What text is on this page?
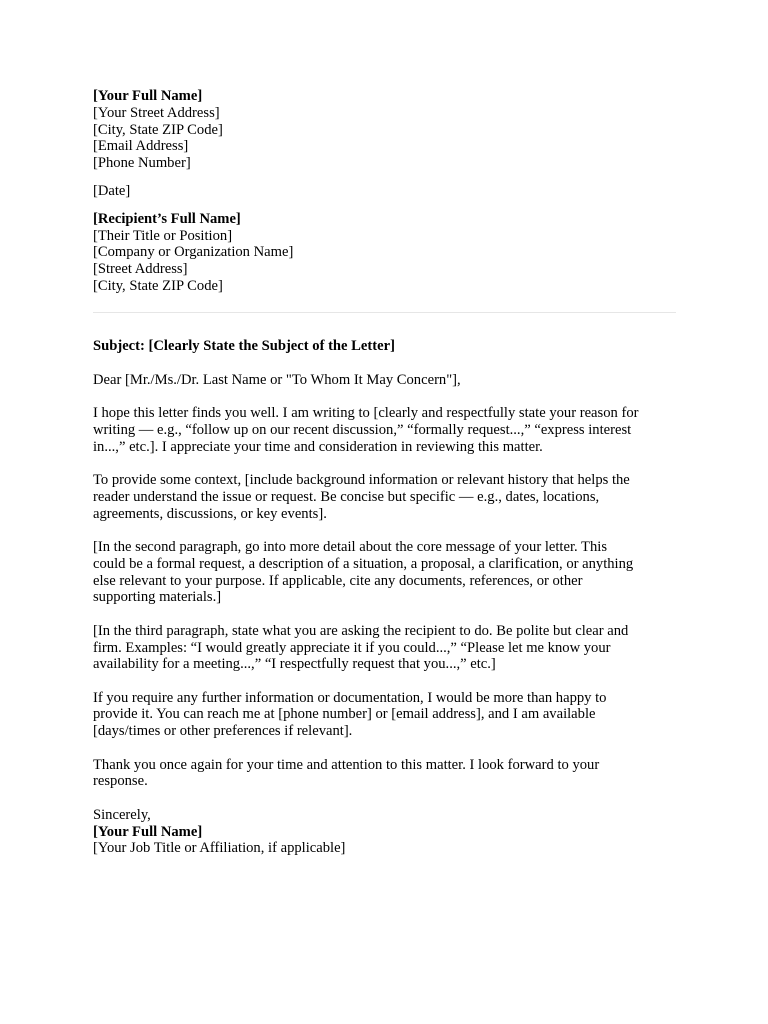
[Your Full Name]
[Your Street Address]
[City, State ZIP Code]
[Email Address]
[Phone Number]
[Date]
[Recipient’s Full Name]
[Their Title or Position]
[Company or Organization Name]
[Street Address]
[City, State ZIP Code]

Subject: [Clearly State the Subject of the Letter]

Dear [Mr./Ms./Dr. Last Name or "To Whom It May Concern"],

I hope this letter finds you well. I am writing to [clearly and respectfully state your reason for
writing — e.g., “follow up on our recent discussion,” “formally request...,” “express interest
in...,” etc.]. I appreciate your time and consideration in reviewing this matter.

To provide some context, [include background information or relevant history that helps the
reader understand the issue or request. Be concise but specific — e.g., dates, locations,
agreements, discussions, or key events].

[In the second paragraph, go into more detail about the core message of your letter. This
could be a formal request, a description of a situation, a proposal, a clarification, or anything
else relevant to your purpose. If applicable, cite any documents, references, or other
supporting materials.]

[In the third paragraph, state what you are asking the recipient to do. Be polite but clear and
firm. Examples: “I would greatly appreciate it if you could...,” “Please let me know your
availability for a meeting...,” “I respectfully request that you...,” etc.]

If you require any further information or documentation, I would be more than happy to
provide it. You can reach me at [phone number] or [email address], and I am available
[days/times or other preferences if relevant].

Thank you once again for your time and attention to this matter. I look forward to your
response.

Sincerely,
[Your Full Name]
[Your Job Title or Affiliation, if applicable]
